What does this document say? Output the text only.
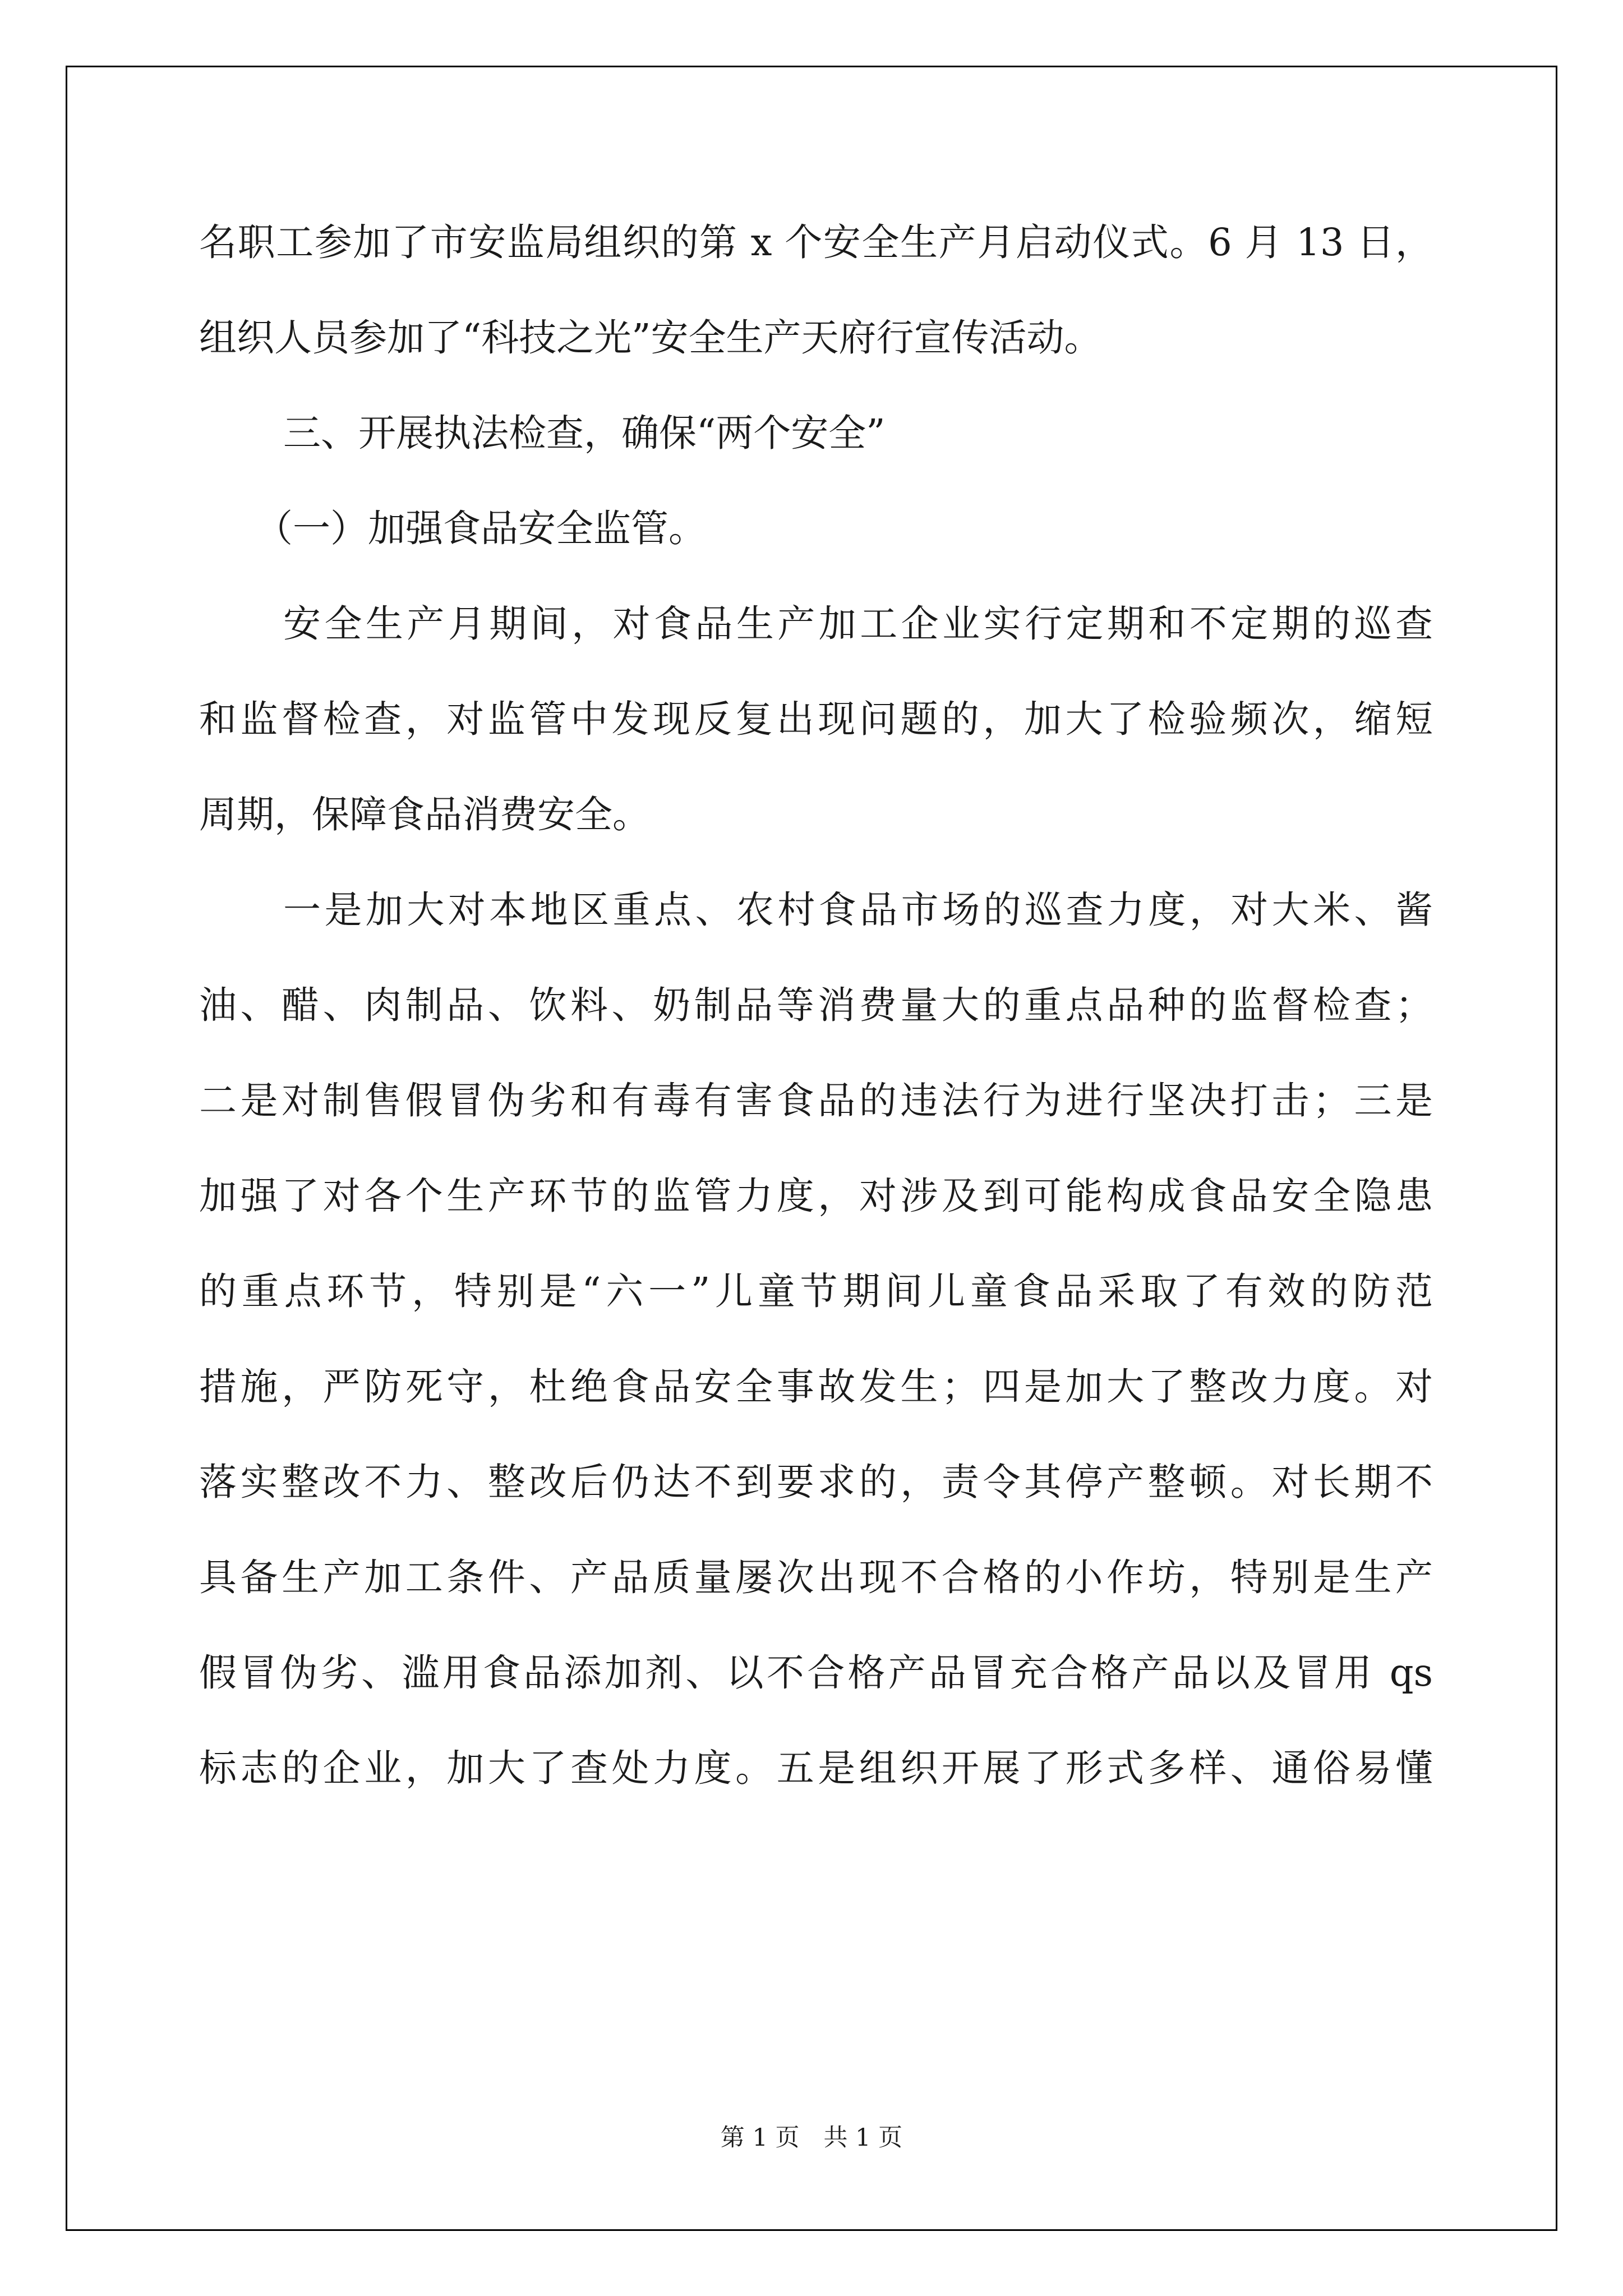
名职工参加了市安监局组织的第 x 个安全生产月启动仪式。6 月 13 日，
组织人员参加了“科技之光”安全生产天府行宣传活动。
三、开展执法检查，确保“两个安全”
（一）加强食品安全监管。
安全生产月期间，对食品生产加工企业实行定期和不定期的巡查
和监督检查，对监管中发现反复出现问题的，加大了检验频次，缩短
周期，保障食品消费安全。
一是加大对本地区重点、农村食品市场的巡查力度，对大米、酱
油、醋、肉制品、饮料、奶制品等消费量大的重点品种的监督检查；
二是对制售假冒伪劣和有毒有害食品的违法行为进行坚决打击；三是
加强了对各个生产环节的监管力度，对涉及到可能构成食品安全隐患
的重点环节，特别是“六一”儿童节期间儿童食品采取了有效的防范
措施，严防死守，杜绝食品安全事故发生；四是加大了整改力度。对
落实整改不力、整改后仍达不到要求的，责令其停产整顿。对长期不
具备生产加工条件、产品质量屡次出现不合格的小作坊，特别是生产
假冒伪劣、滥用食品添加剂、以不合格产品冒充合格产品以及冒用 qs
标志的企业，加大了查处力度。五是组织开展了形式多样、通俗易懂
第 1 页　共 1 页
